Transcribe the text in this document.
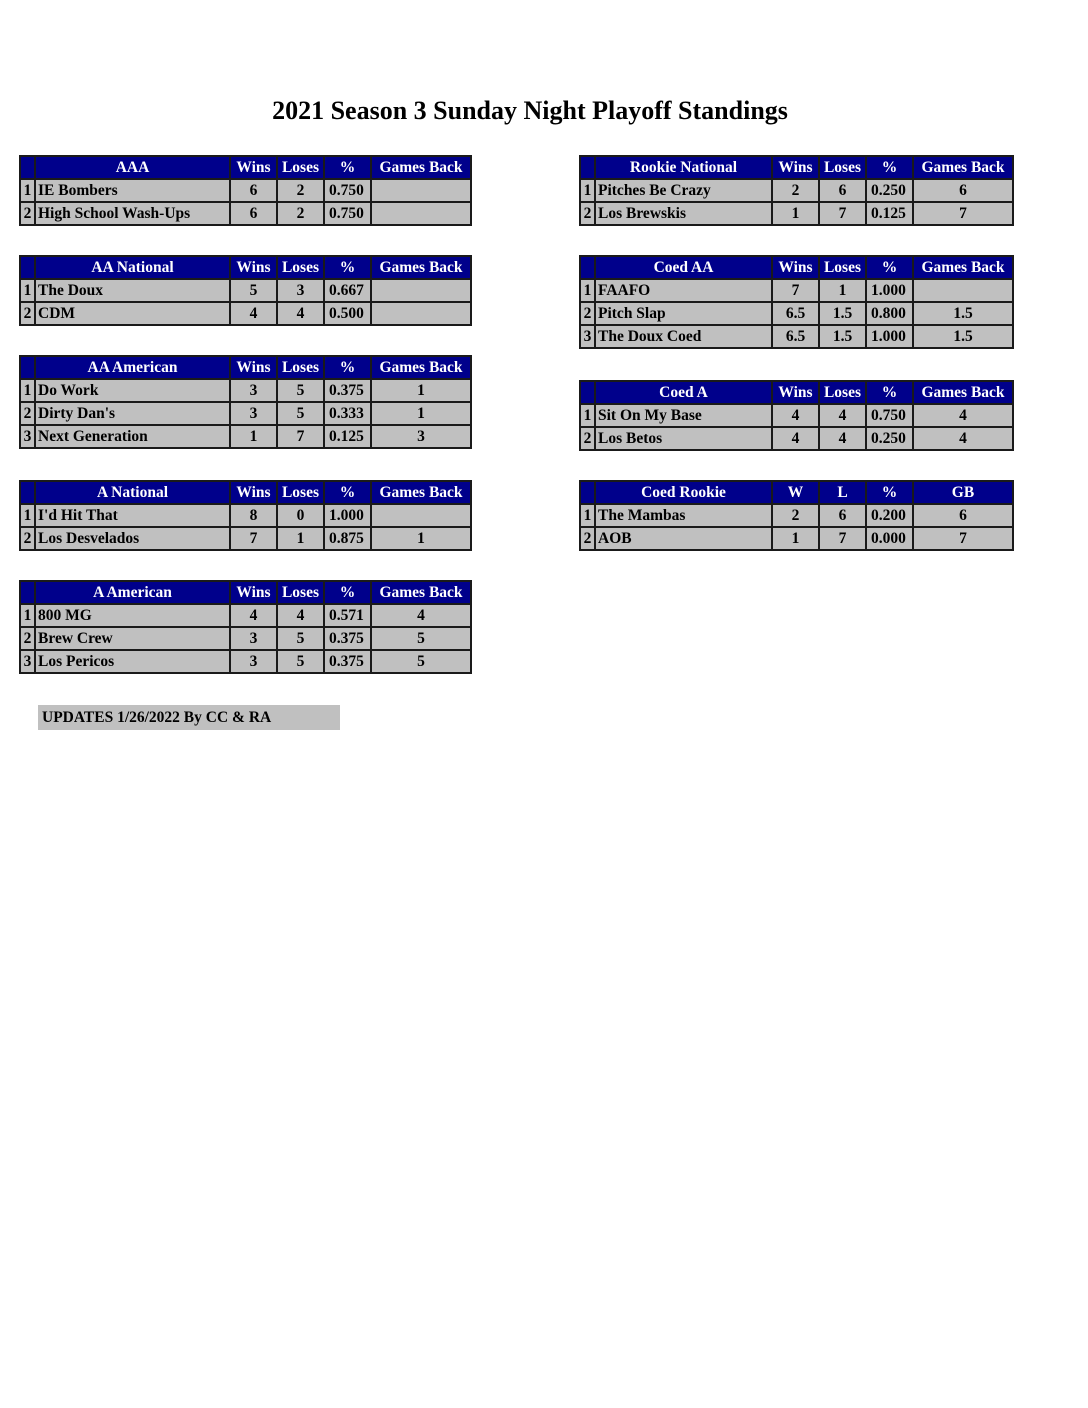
2021 Season 3 Sunday Night Playoff Standings
	AAA	Wins	Loses	%	Games Back
1	IE Bombers	6	2	0.750	
2	High School Wash-Ups	6	2	0.750	
	AA National	Wins	Loses	%	Games Back
1	The Doux	5	3	0.667	
2	CDM	4	4	0.500	
	AA American	Wins	Loses	%	Games Back
1	Do Work	3	5	0.375	1
2	Dirty Dan's	3	5	0.333	1
3	Next Generation	1	7	0.125	3
	A National	Wins	Loses	%	Games Back
1	I'd Hit That	8	0	1.000	
2	Los Desvelados	7	1	0.875	1
	A American	Wins	Loses	%	Games Back
1	800 MG	4	4	0.571	4
2	Brew Crew	3	5	0.375	5
3	Los Pericos	3	5	0.375	5
	Rookie National	Wins	Loses	%	Games Back
1	Pitches Be Crazy	2	6	0.250	6
2	Los Brewskis	1	7	0.125	7
	Coed AA	Wins	Loses	%	Games Back
1	FAAFO	7	1	1.000	
2	Pitch Slap	6.5	1.5	0.800	1.5
3	The Doux Coed	6.5	1.5	1.000	1.5
	Coed A	Wins	Loses	%	Games Back
1	Sit On My Base	4	4	0.750	4
2	Los Betos	4	4	0.250	4
	Coed Rookie	W	L	%	GB
1	The Mambas	2	6	0.200	6
2	AOB	1	7	0.000	7
UPDATES 1/26/2022 By CC & RA
